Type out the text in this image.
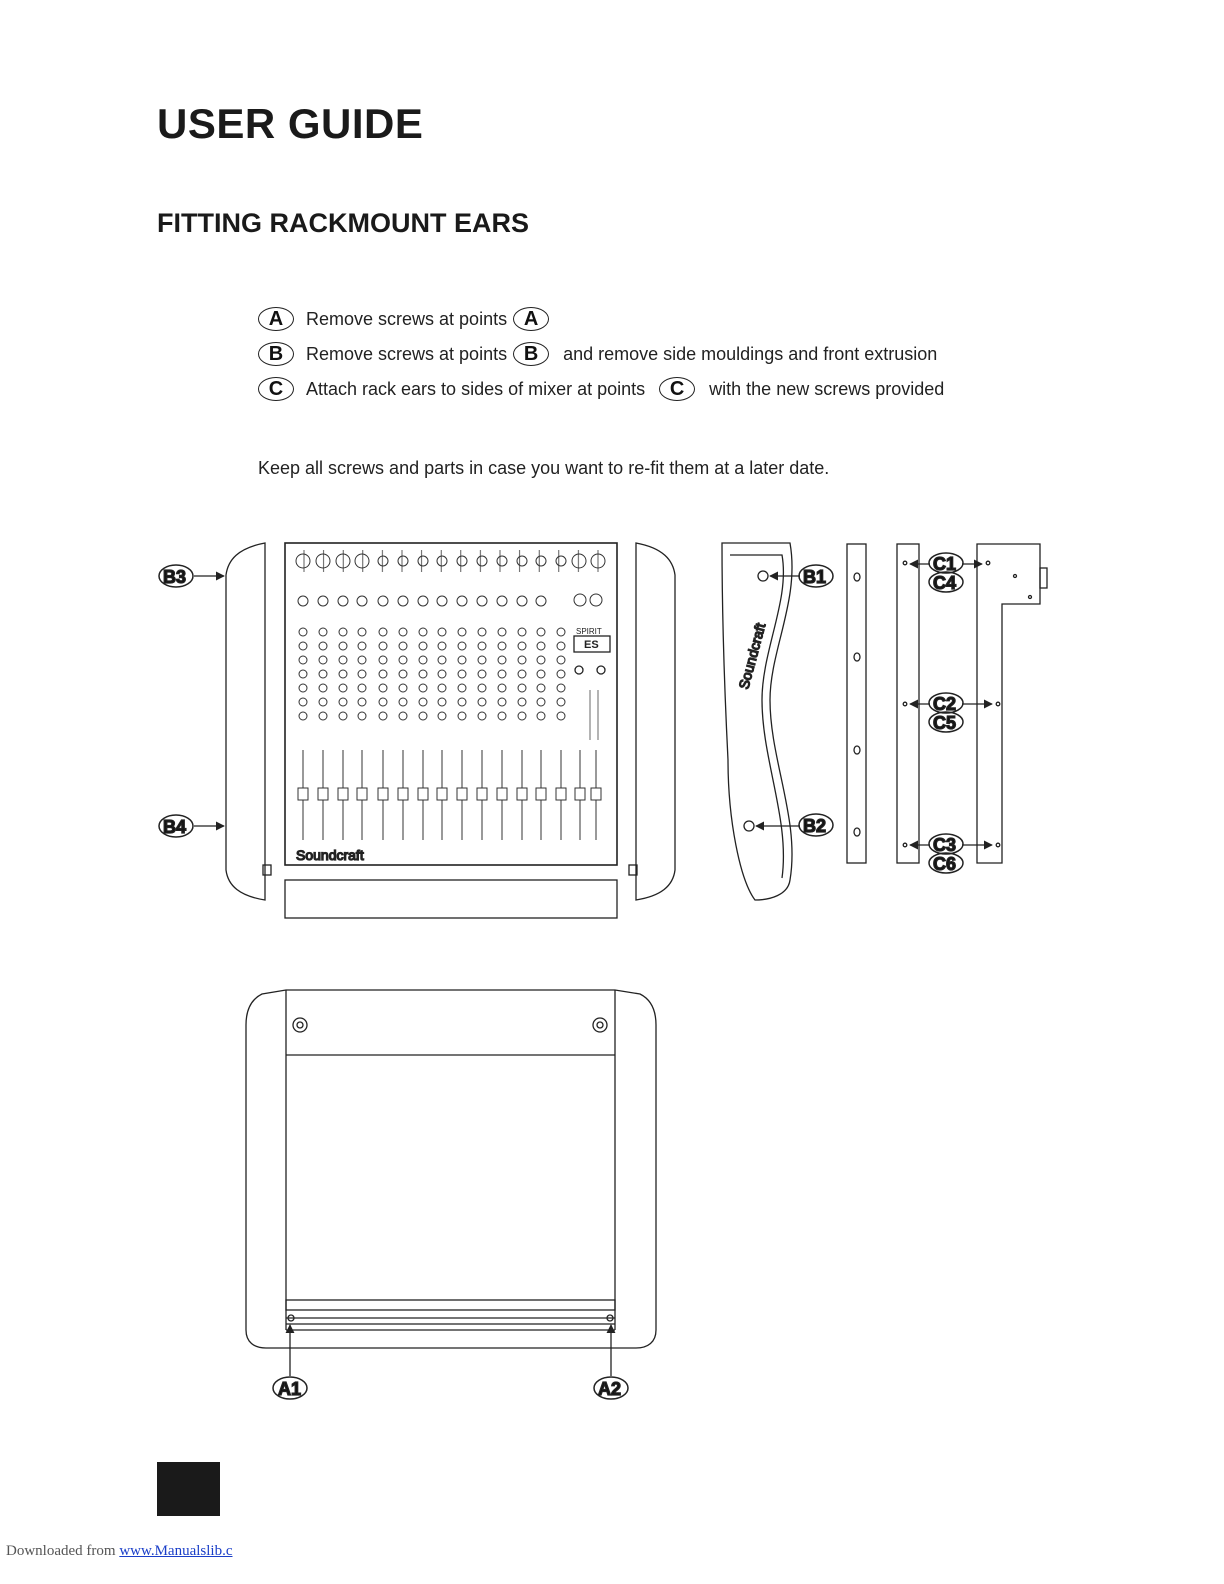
USER GUIDE
FITTING RACKMOUNT EARS
A	Remove screws at points A
B	Remove screws at points B	and remove side mouldings and front extrusion
C	Attach rack ears to sides of mixer at points	C	with the new screws provided
Keep all screws and parts in case you want to re-fit them at a later date.
SPIRIT
ES
Soundcraft
B3
B4
Soundcraft
B1
B2
C1
C4
C2
C5
C3
C6
A1	A2
Downloaded from www.Manualslib.c
